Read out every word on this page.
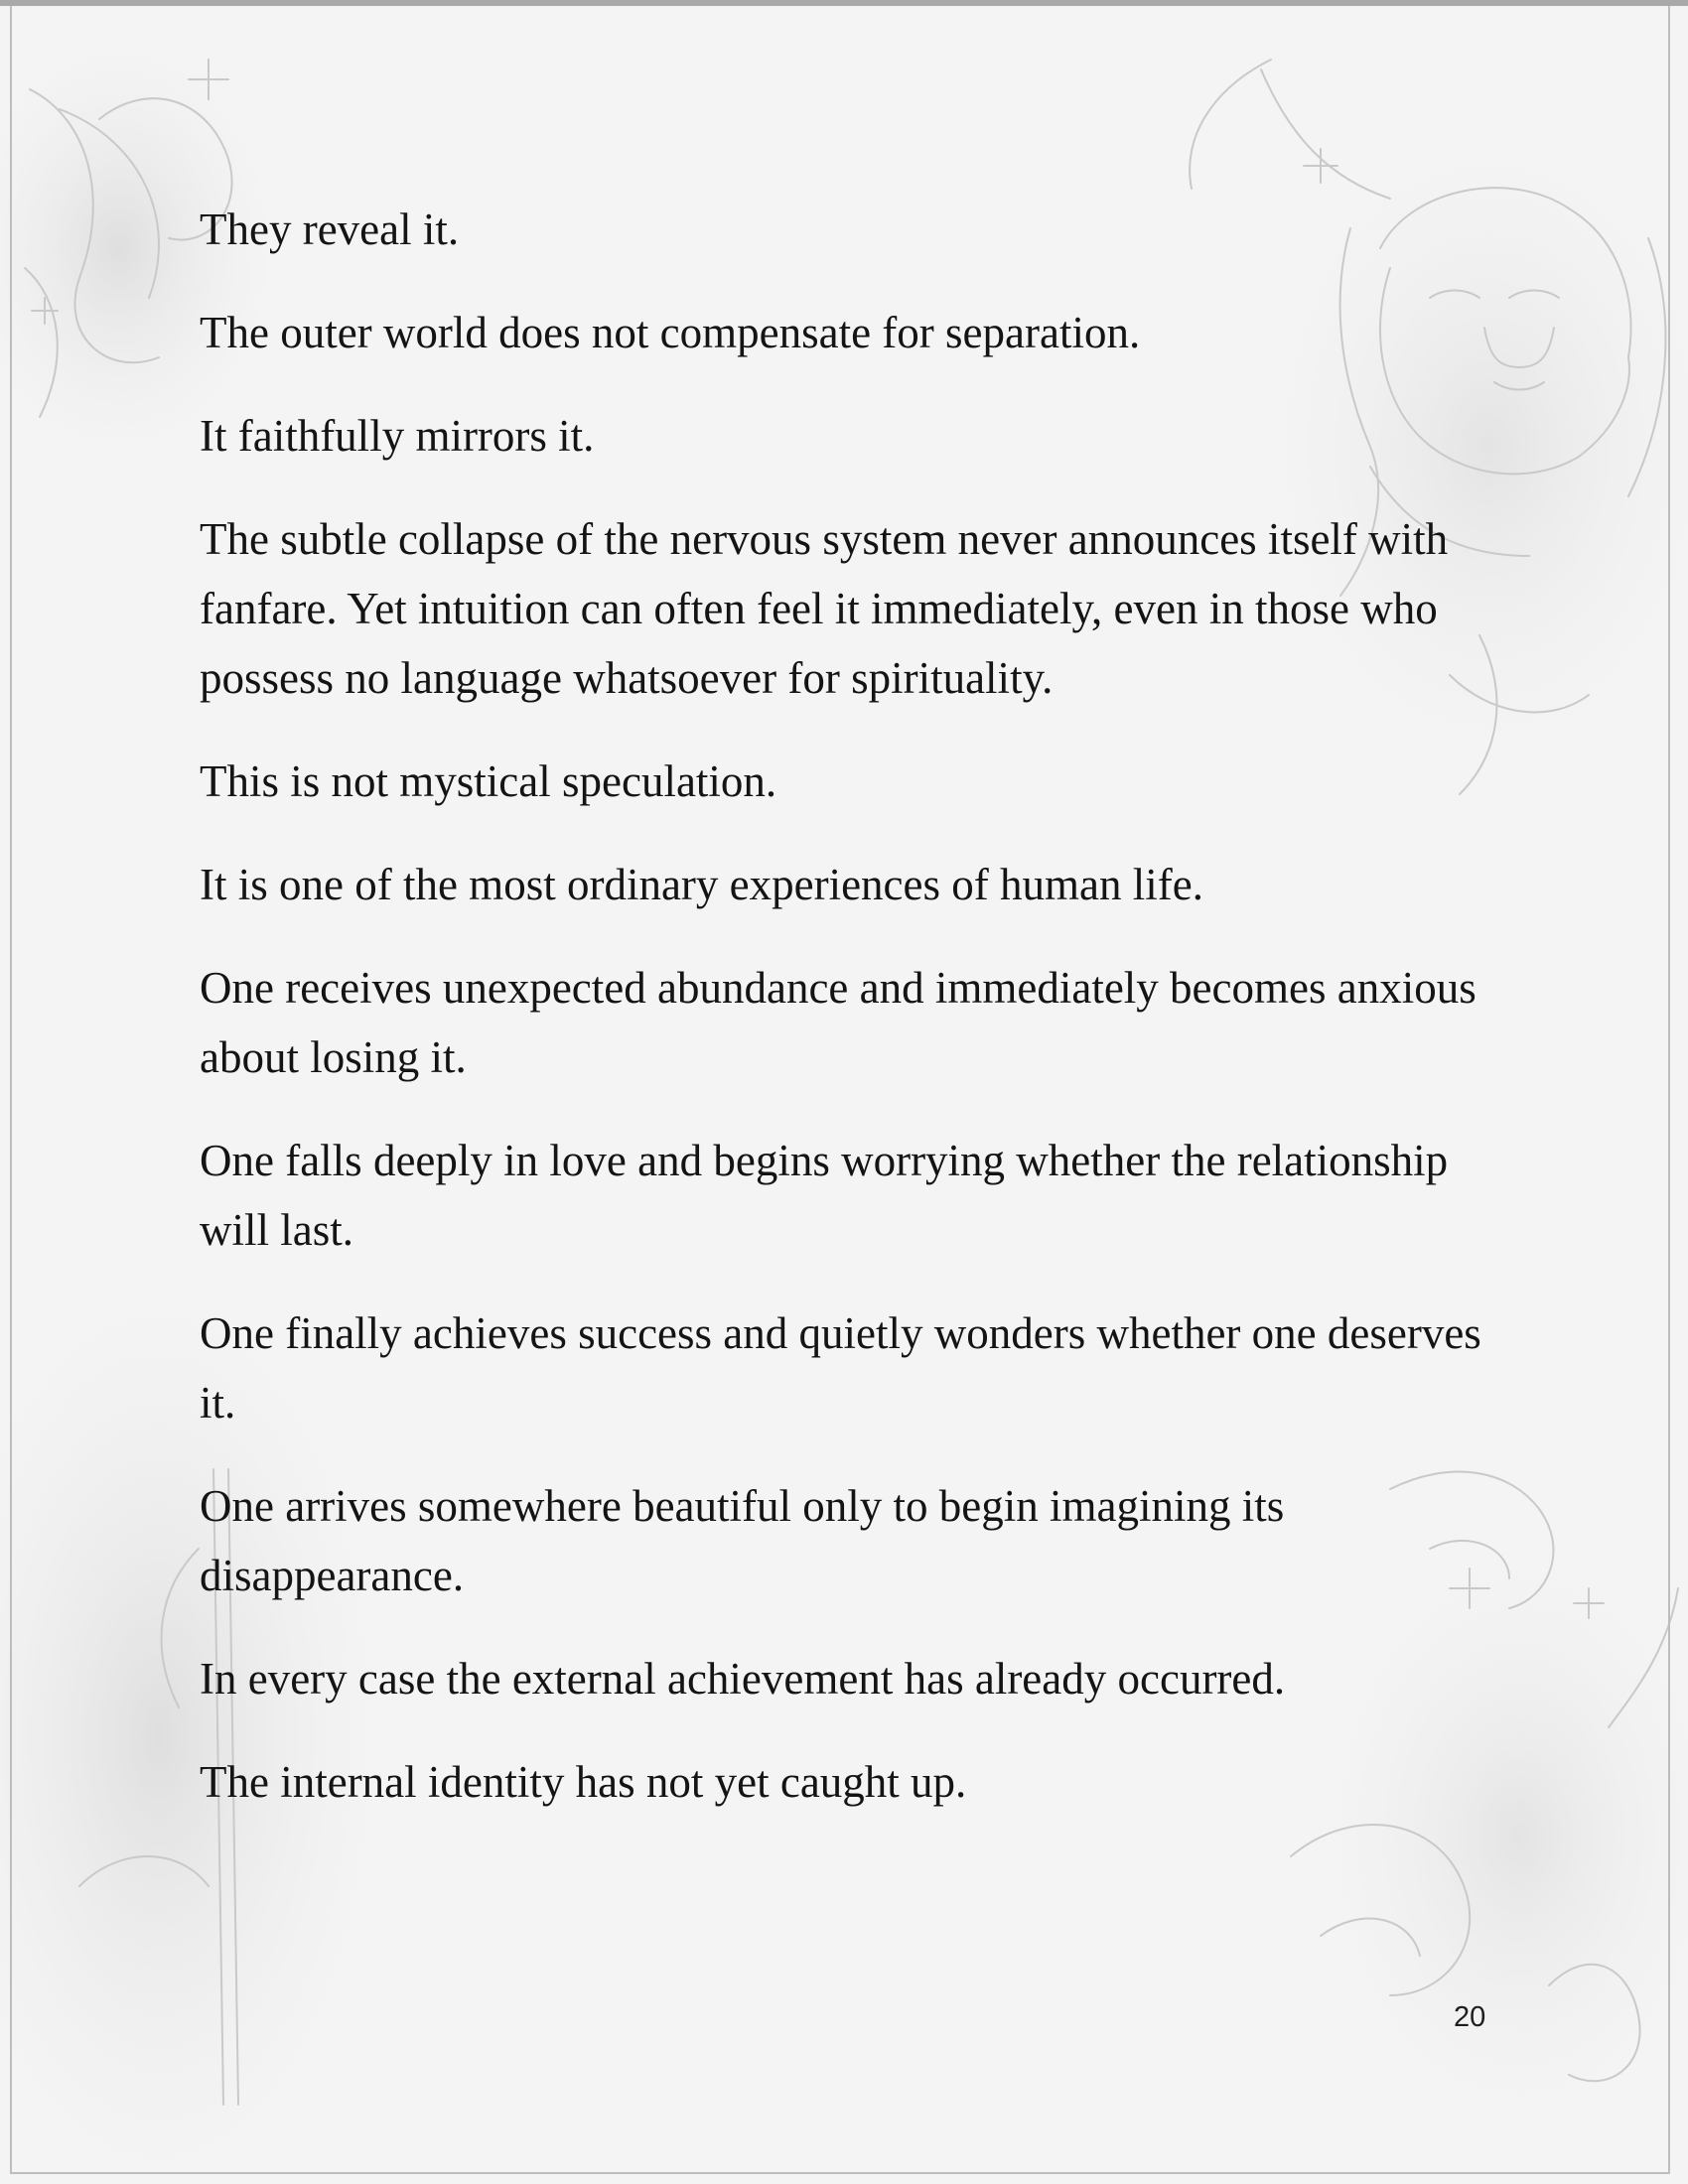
They reveal it.

The outer world does not compensate for separation.

It faithfully mirrors it.

The subtle collapse of the nervous system never announces itself with fanfare. Yet intuition can often feel it immediately, even in those who possess no language whatsoever for spirituality.

This is not mystical speculation.

It is one of the most ordinary experiences of human life.

One receives unexpected abundance and immediately becomes anxious about losing it.

One falls deeply in love and begins worrying whether the relationship will last.

One finally achieves success and quietly wonders whether one deserves it.

One arrives somewhere beautiful only to begin imagining its disappearance.

In every case the external achievement has already occurred.

The internal identity has not yet caught up.

20
